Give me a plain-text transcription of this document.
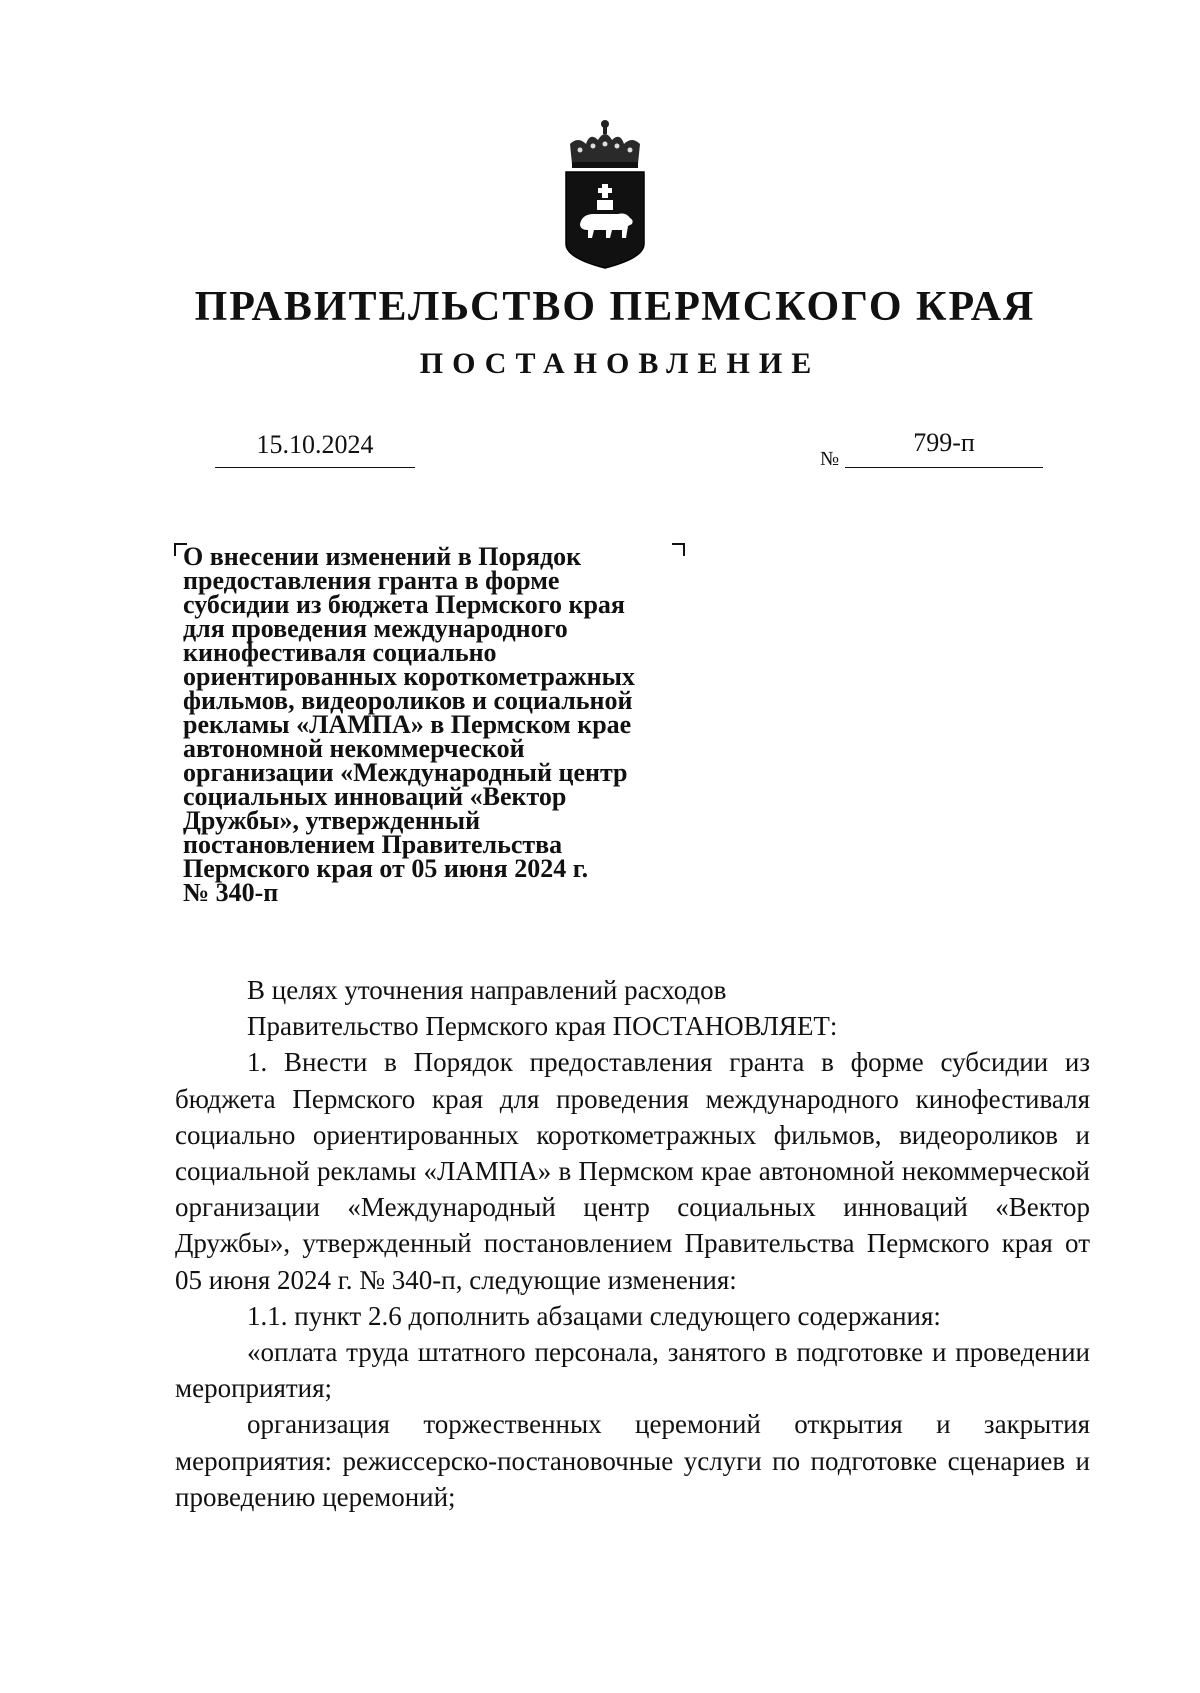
ПРАВИТЕЛЬСТВО ПЕРМСКОГО КРАЯ
ПОСТАНОВЛЕНИЕ
15.10.2024	№
799-п
О внесении изменений в Порядок
предоставления гранта в форме
субсидии из бюджета Пермского края
для проведения международного
кинофестиваля социально
ориентированных короткометражных
фильмов, видеороликов и социальной
рекламы «ЛАМПА» в Пермском крае
автономной некоммерческой
организации «Международный центр
социальных инноваций «Вектор
Дружбы», утвержденный
постановлением Правительства
Пермского края от 05 июня 2024 г.
№ 340-п

В целях уточнения направлений расходов

Правительство Пермского края ПОСТАНОВЛЯЕТ:

1. Внести в Порядок предоставления гранта в форме субсидии из бюджета Пермского края для проведения международного кинофестиваля социально ориентированных короткометражных фильмов, видеороликов и социальной рекламы «ЛАМПА» в Пермском крае автономной некоммерческой организации «Международный центр социальных инноваций «Вектор Дружбы», утвержденный постановлением Правительства Пермского края от 05 июня 2024 г. № 340-п, следующие изменения:

1.1. пункт 2.6 дополнить абзацами следующего содержания:

«оплата труда штатного персонала, занятого в подготовке и проведении мероприятия;

организация торжественных церемоний открытия и закрытия мероприятия: режиссерско-постановочные услуги по подготовке сценариев и проведению церемоний;
